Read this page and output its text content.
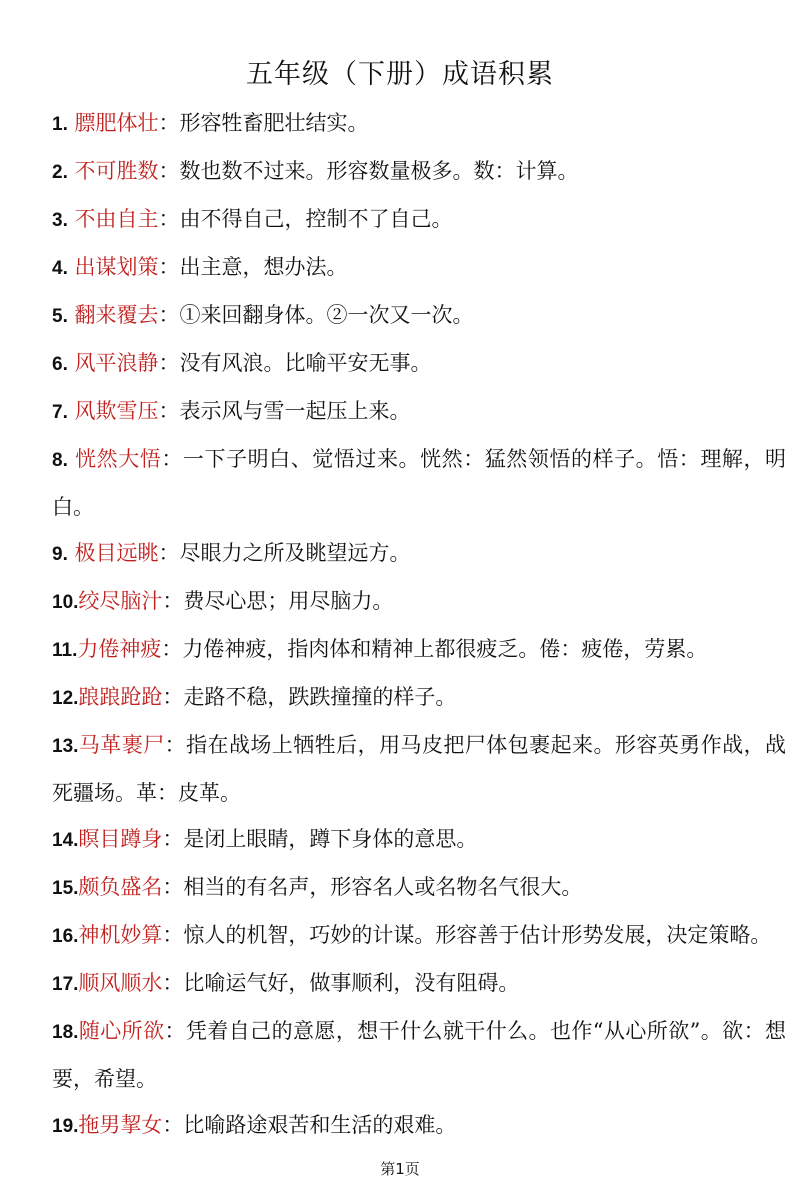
五年级（下册）成语积累
1. 膘肥体壮：形容牲畜肥壮结实。
2. 不可胜数：数也数不过来。形容数量极多。数：计算。
3. 不由自主：由不得自己，控制不了自己。
4. 出谋划策：出主意，想办法。
5. 翻来覆去：①来回翻身体。②一次又一次。
6. 风平浪静：没有风浪。比喻平安无事。
7. 风欺雪压：表示风与雪一起压上来。
8. 恍然大悟：一下子明白、觉悟过来。恍然：猛然领悟的样子。悟：理解，明白。
9. 极目远眺：尽眼力之所及眺望远方。
10.绞尽脑汁：费尽心思；用尽脑力。
11.力倦神疲：力倦神疲，指肉体和精神上都很疲乏。倦：疲倦，劳累。
12.踉踉跄跄：走路不稳，跌跌撞撞的样子。
13.马革裹尸：指在战场上牺牲后，用马皮把尸体包裹起来。形容英勇作战，战死疆场。革：皮革。
14.瞑目蹲身：是闭上眼睛，蹲下身体的意思。
15.颇负盛名：相当的有名声，形容名人或名物名气很大。
16.神机妙算：惊人的机智，巧妙的计谋。形容善于估计形势发展，决定策略。
17.顺风顺水：比喻运气好，做事顺利，没有阻碍。
18.随心所欲：凭着自己的意愿，想干什么就干什么。也作“从心所欲”。欲：想要，希望。
19.拖男挈女：比喻路途艰苦和生活的艰难。
第1页
